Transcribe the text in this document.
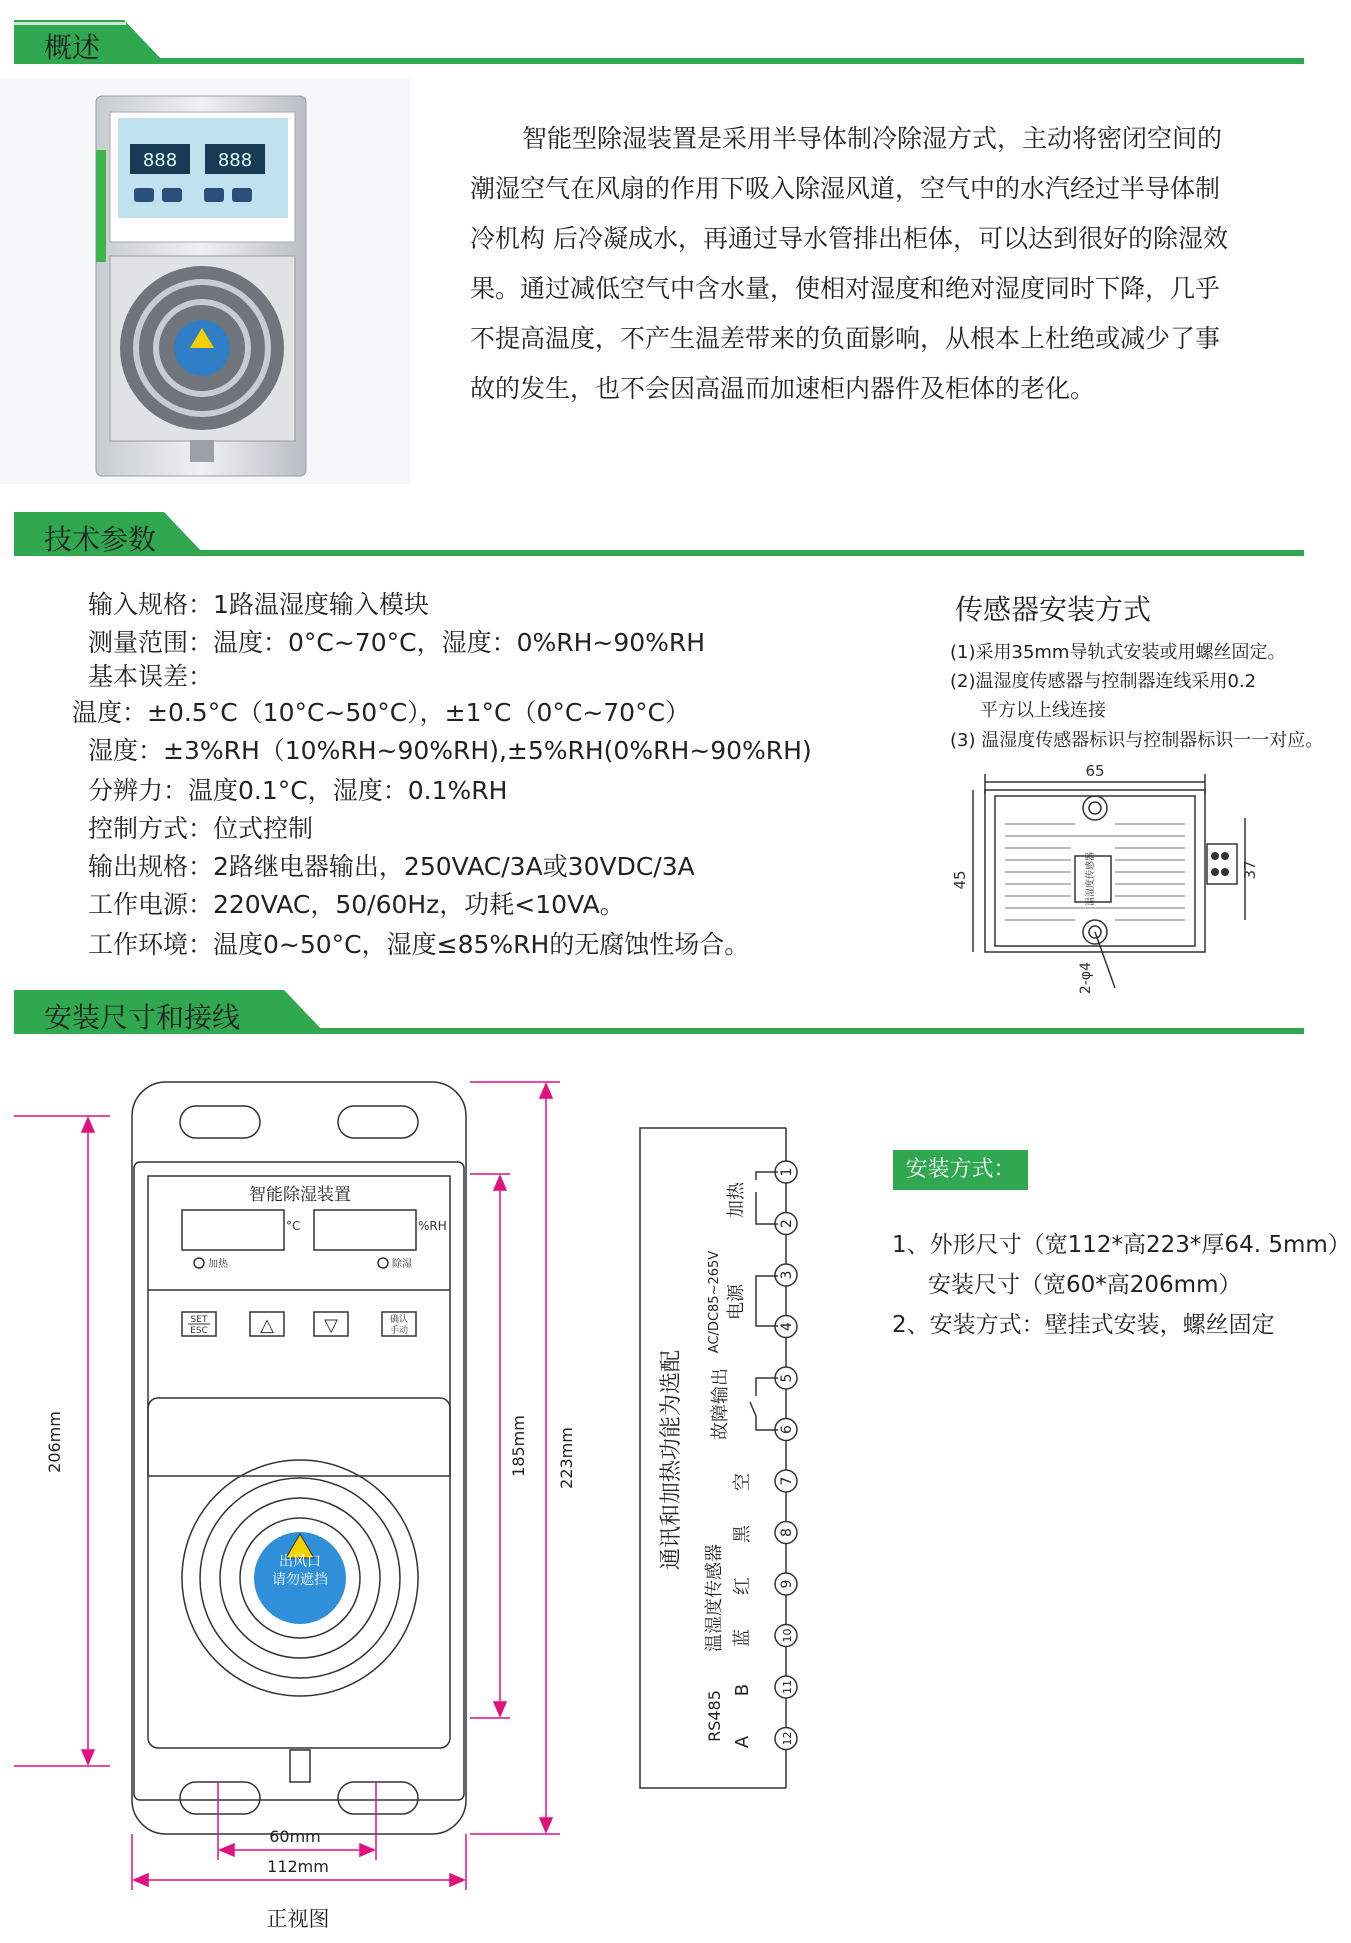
概述
技术参数
安装尺寸和接线
888 888
智能型除湿装置是采用半导体制冷除湿方式，主动将密闭空间的
潮湿空气在风扇的作用下吸入除湿风道，空气中的水汽经过半导体制
冷机构 后冷凝成水，再通过导水管排出柜体，可以达到很好的除湿效
果。通过减低空气中含水量，使相对湿度和绝对湿度同时下降，几乎
不提高温度，不产生温差带来的负面影响，从根本上杜绝或减少了事
故的发生，也不会因高温而加速柜内器件及柜体的老化。
输入规格：1路温湿度输入模块
测量范围：温度：0°C~70°C，湿度：0%RH~90%RH
基本误差：
温度：±0.5°C（10°C~50°C），±1°C（0°C~70°C）
湿度：±3%RH（10%RH~90%RH),±5%RH(0%RH~90%RH)
分辨力：温度0.1°C，湿度：0.1%RH
控制方式：位式控制
输出规格：2路继电器输出，250VAC/3A或30VDC/3A
工作电源：220VAC，50/60Hz，功耗<10VA。
工作环境：温度0~50°C，湿度≤85%RH的无腐蚀性场合。
传感器安装方式
(1)采用35mm导轨式安装或用螺丝固定。
(2)温湿度传感器与控制器连线采用0.2
平方以上线连接
(3) 温湿度传感器标识与控制器标识一一对应。
65
45
37
温湿度传感器
2-φ4
出风口
请勿遮挡
智能除湿装置
°C	%RH
加热	除湿
SET
ESC	△	▽	确认
手动
206mm	185mm 223mm
60mm
112mm
正视图
1
2
3
4
5
6
7
8
9
10
11
12
通讯和加热功能为选配
加热
电源
AC/DC85~265V
故障输出
空
温湿度传感器
黑
红
蓝
RS485
B
A
安装方式：
1、外形尺寸（宽112*高223*厚64. 5mm）
安装尺寸（宽60*高206mm）
2、安装方式：壁挂式安装，螺丝固定
